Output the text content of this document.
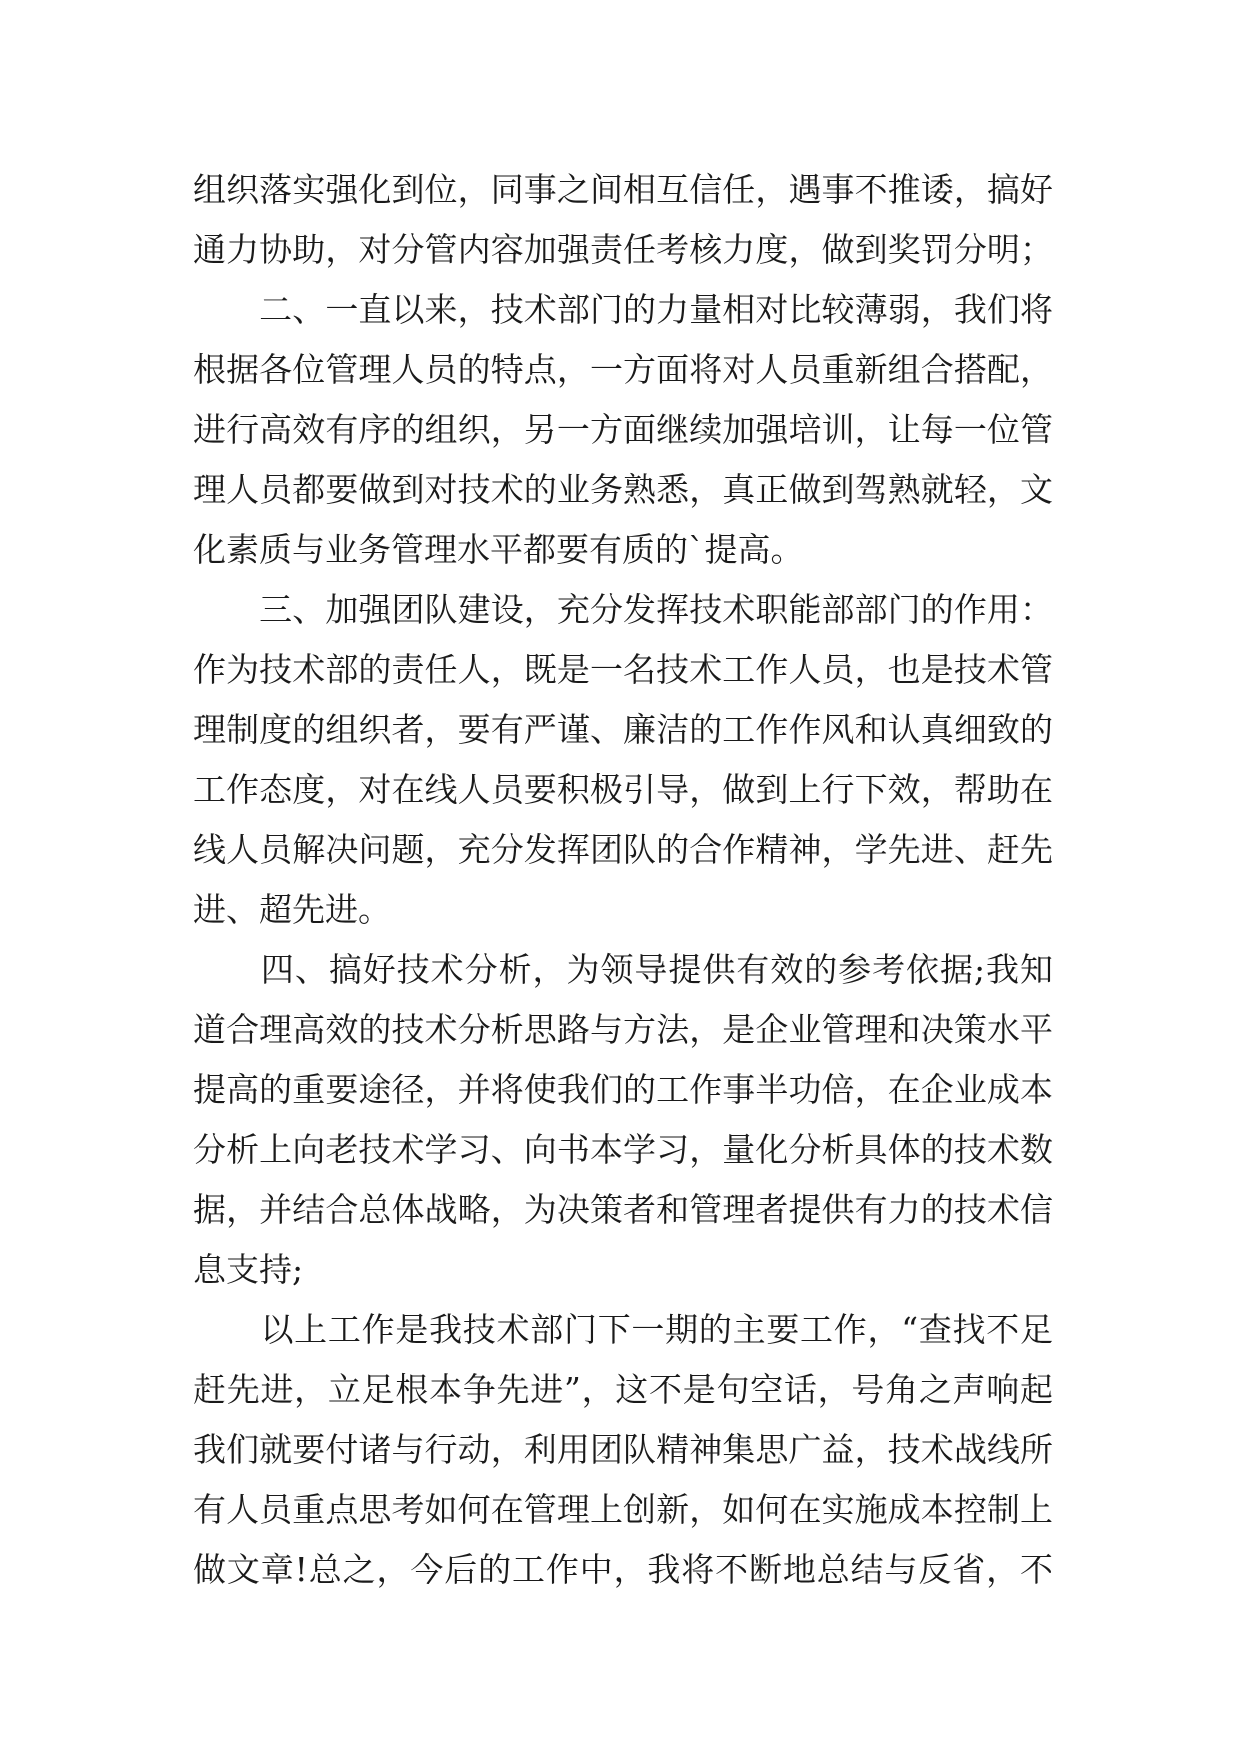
组织落实强化到位，同事之间相互信任，遇事不推诿，搞好
通力协助，对分管内容加强责任考核力度，做到奖罚分明；
　　二、一直以来，技术部门的力量相对比较薄弱，我们将
根据各位管理人员的特点，一方面将对人员重新组合搭配，
进行高效有序的组织，另一方面继续加强培训，让每一位管
理人员都要做到对技术的业务熟悉，真正做到驾熟就轻，文
化素质与业务管理水平都要有质的`提高。
　　三、加强团队建设，充分发挥技术职能部部门的作用：
作为技术部的责任人，既是一名技术工作人员，也是技术管
理制度的组织者，要有严谨、廉洁的工作作风和认真细致的
工作态度，对在线人员要积极引导，做到上行下效，帮助在
线人员解决问题，充分发挥团队的合作精神，学先进、赶先
进、超先进。
　　四、搞好技术分析，为领导提供有效的参考依据;我知
道合理高效的技术分析思路与方法，是企业管理和决策水平
提高的重要途径，并将使我们的工作事半功倍，在企业成本
分析上向老技术学习、向书本学习，量化分析具体的技术数
据，并结合总体战略，为决策者和管理者提供有力的技术信
息支持;
　　以上工作是我技术部门下一期的主要工作，“查找不足
赶先进，立足根本争先进”，这不是句空话，号角之声响起
我们就要付诸与行动，利用团队精神集思广益，技术战线所
有人员重点思考如何在管理上创新，如何在实施成本控制上
做文章!总之，今后的工作中，我将不断地总结与反省，不
